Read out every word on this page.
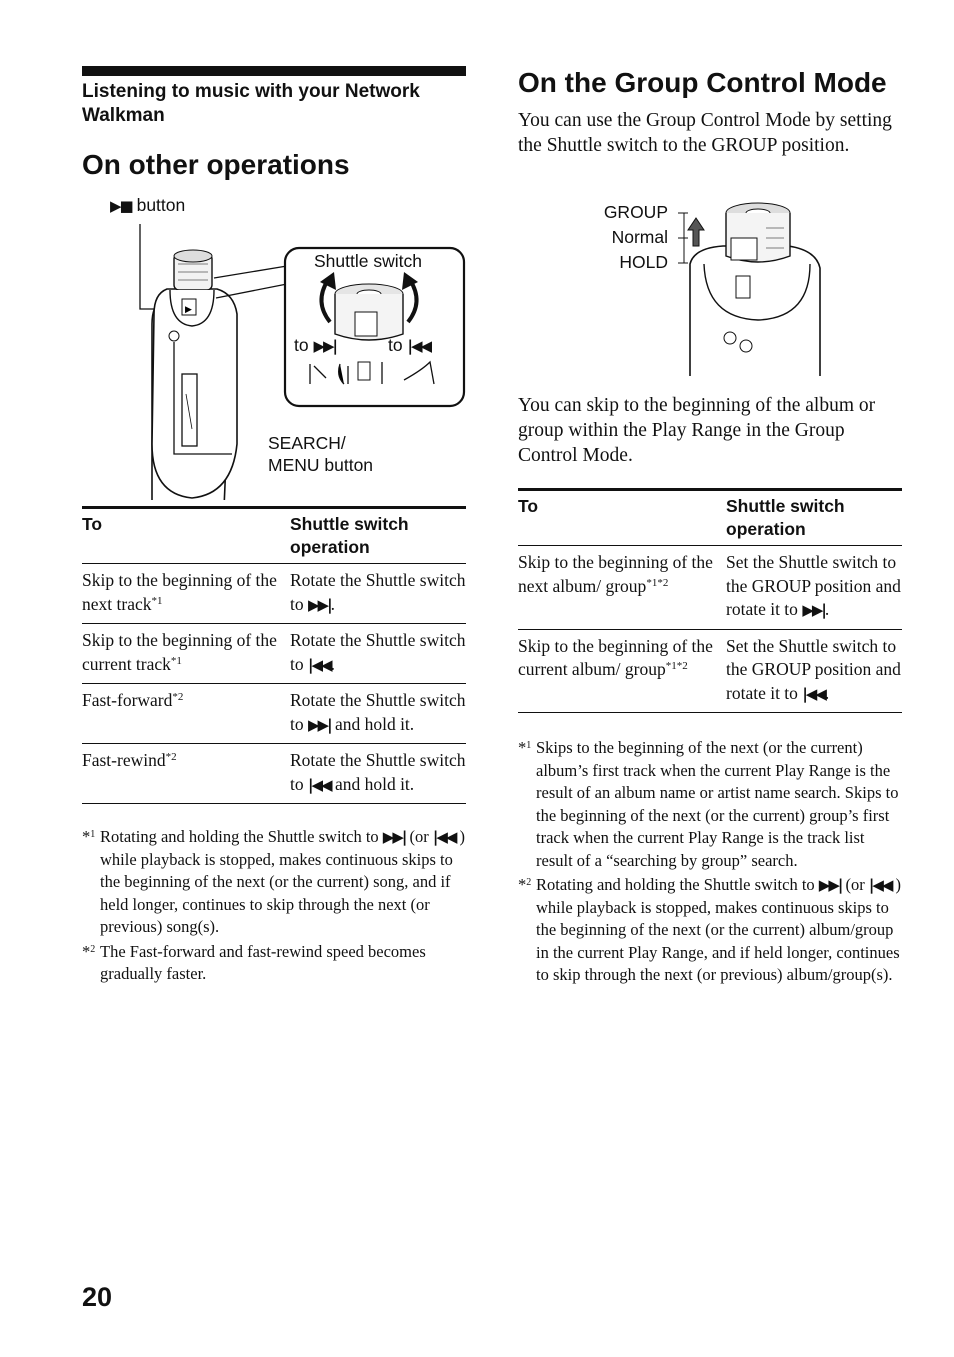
Listening to music with your Network Walkman
On other operations
▶
▶■ button
Shuttle switch
to ▶▶|	to |◀◀
SEARCH/
MENU button
To	Shuttle switch operation
Skip to the beginning of the next track$^{*1}$	Rotate the Shuttle switch to ▶▶|.
Skip to the beginning of the current track$^{*1}$	Rotate the Shuttle switch to |◀◀.
Fast-forward$^{*2}$	Rotate the Shuttle switch to ▶▶| and hold it.
Fast-rewind$^{*2}$	Rotate the Shuttle switch to |◀◀ and hold it.
*$^1$ Rotating and holding the Shuttle switch to ▶▶| (or |◀◀ ) while playback is stopped, makes continuous skips to the beginning of the next (or the current) song, and if held longer, continues to skip through the next (or previous) song(s).
*$^2$ The Fast-forward and fast-rewind speed becomes gradually faster.
On the Group Control Mode

You can use the Group Control Mode by setting the Shuttle switch to the GROUP position.

GROUP
Normal
HOLD

You can skip to the beginning of the album or group within the Play Range in the Group Control Mode.

To	Shuttle switch operation
Skip to the beginning of the next album/ group$^{*1*2}$	Set the Shuttle switch to the GROUP position and rotate it to ▶▶|.
Skip to the beginning of the current album/ group$^{*1*2}$	Set the Shuttle switch to the GROUP position and rotate it to |◀◀.
*$^1$ Skips to the beginning of the next (or the current) album’s first track when the current Play Range is the result of an album name or artist name search. Skips to the beginning of the next (or the current) group’s first track when the current Play Range is the track list result of a “searching by group” search.
*$^2$ Rotating and holding the Shuttle switch to ▶▶| (or |◀◀ ) while playback is stopped, makes continuous skips to the beginning of the next (or the current) album/group in the current Play Range, and if held longer, continues to skip through the next (or previous) album/group(s).
20
